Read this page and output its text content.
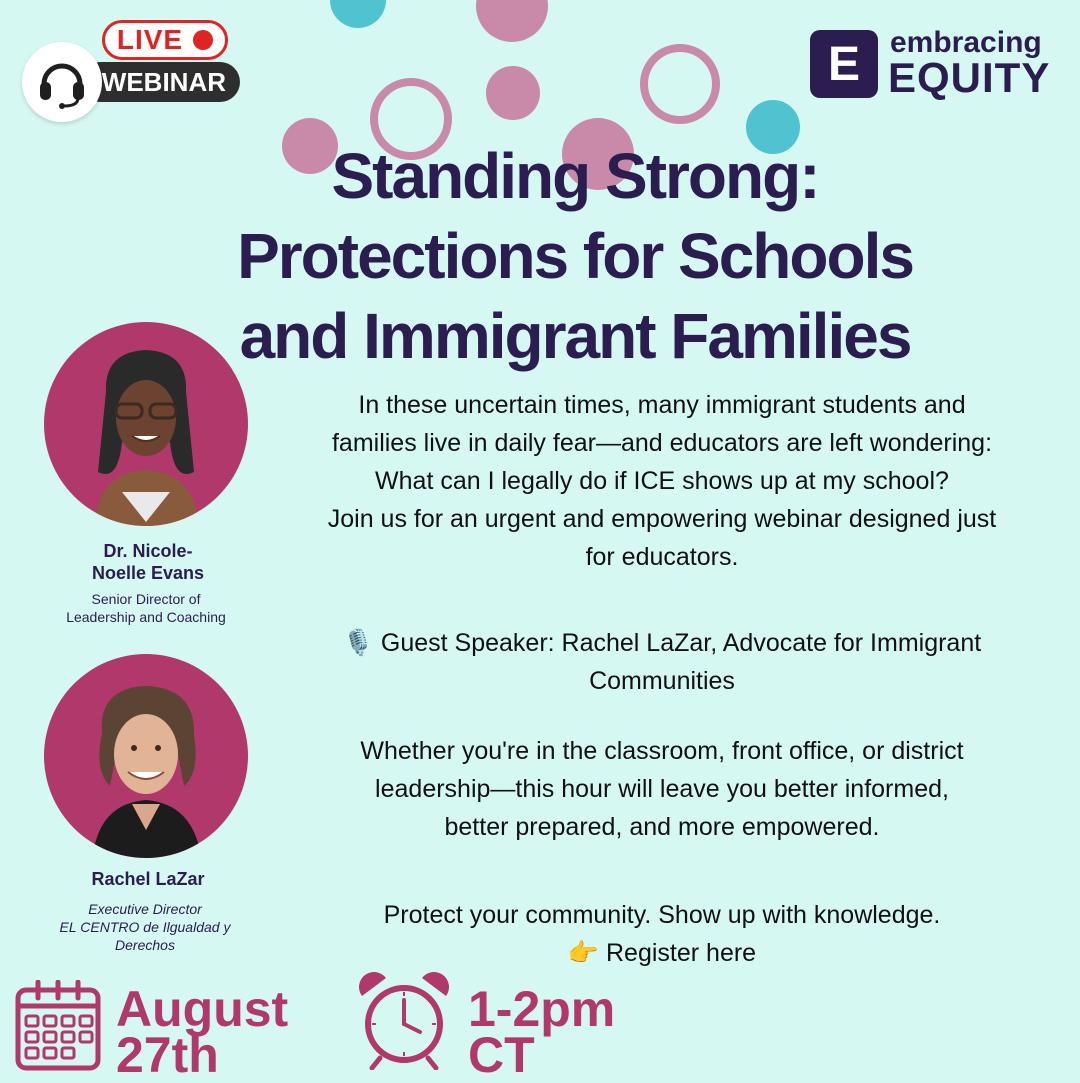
LIVE
WEBINAR	E	embracing
EQUITY
Standing Strong:
Protections for Schools
and Immigrant Families
Dr. Nicole-
Noelle Evans
Senior Director of
Leadership and Coaching
Rachel LaZar
Executive Director
EL CENTRO de Ilgualdad y
Derechos
In these uncertain times, many immigrant students and
families live in daily fear—and educators are left wondering:
What can I legally do if ICE shows up at my school?
Join us for an urgent and empowering webinar designed just
for educators.
🎙️ Guest Speaker: Rachel LaZar, Advocate for Immigrant
Communities
Whether you're in the classroom, front office, or district
leadership—this hour will leave you better informed,
better prepared, and more empowered.
Protect your community. Show up with knowledge.
👉 Register here
August
27th
1-2pm
CT
